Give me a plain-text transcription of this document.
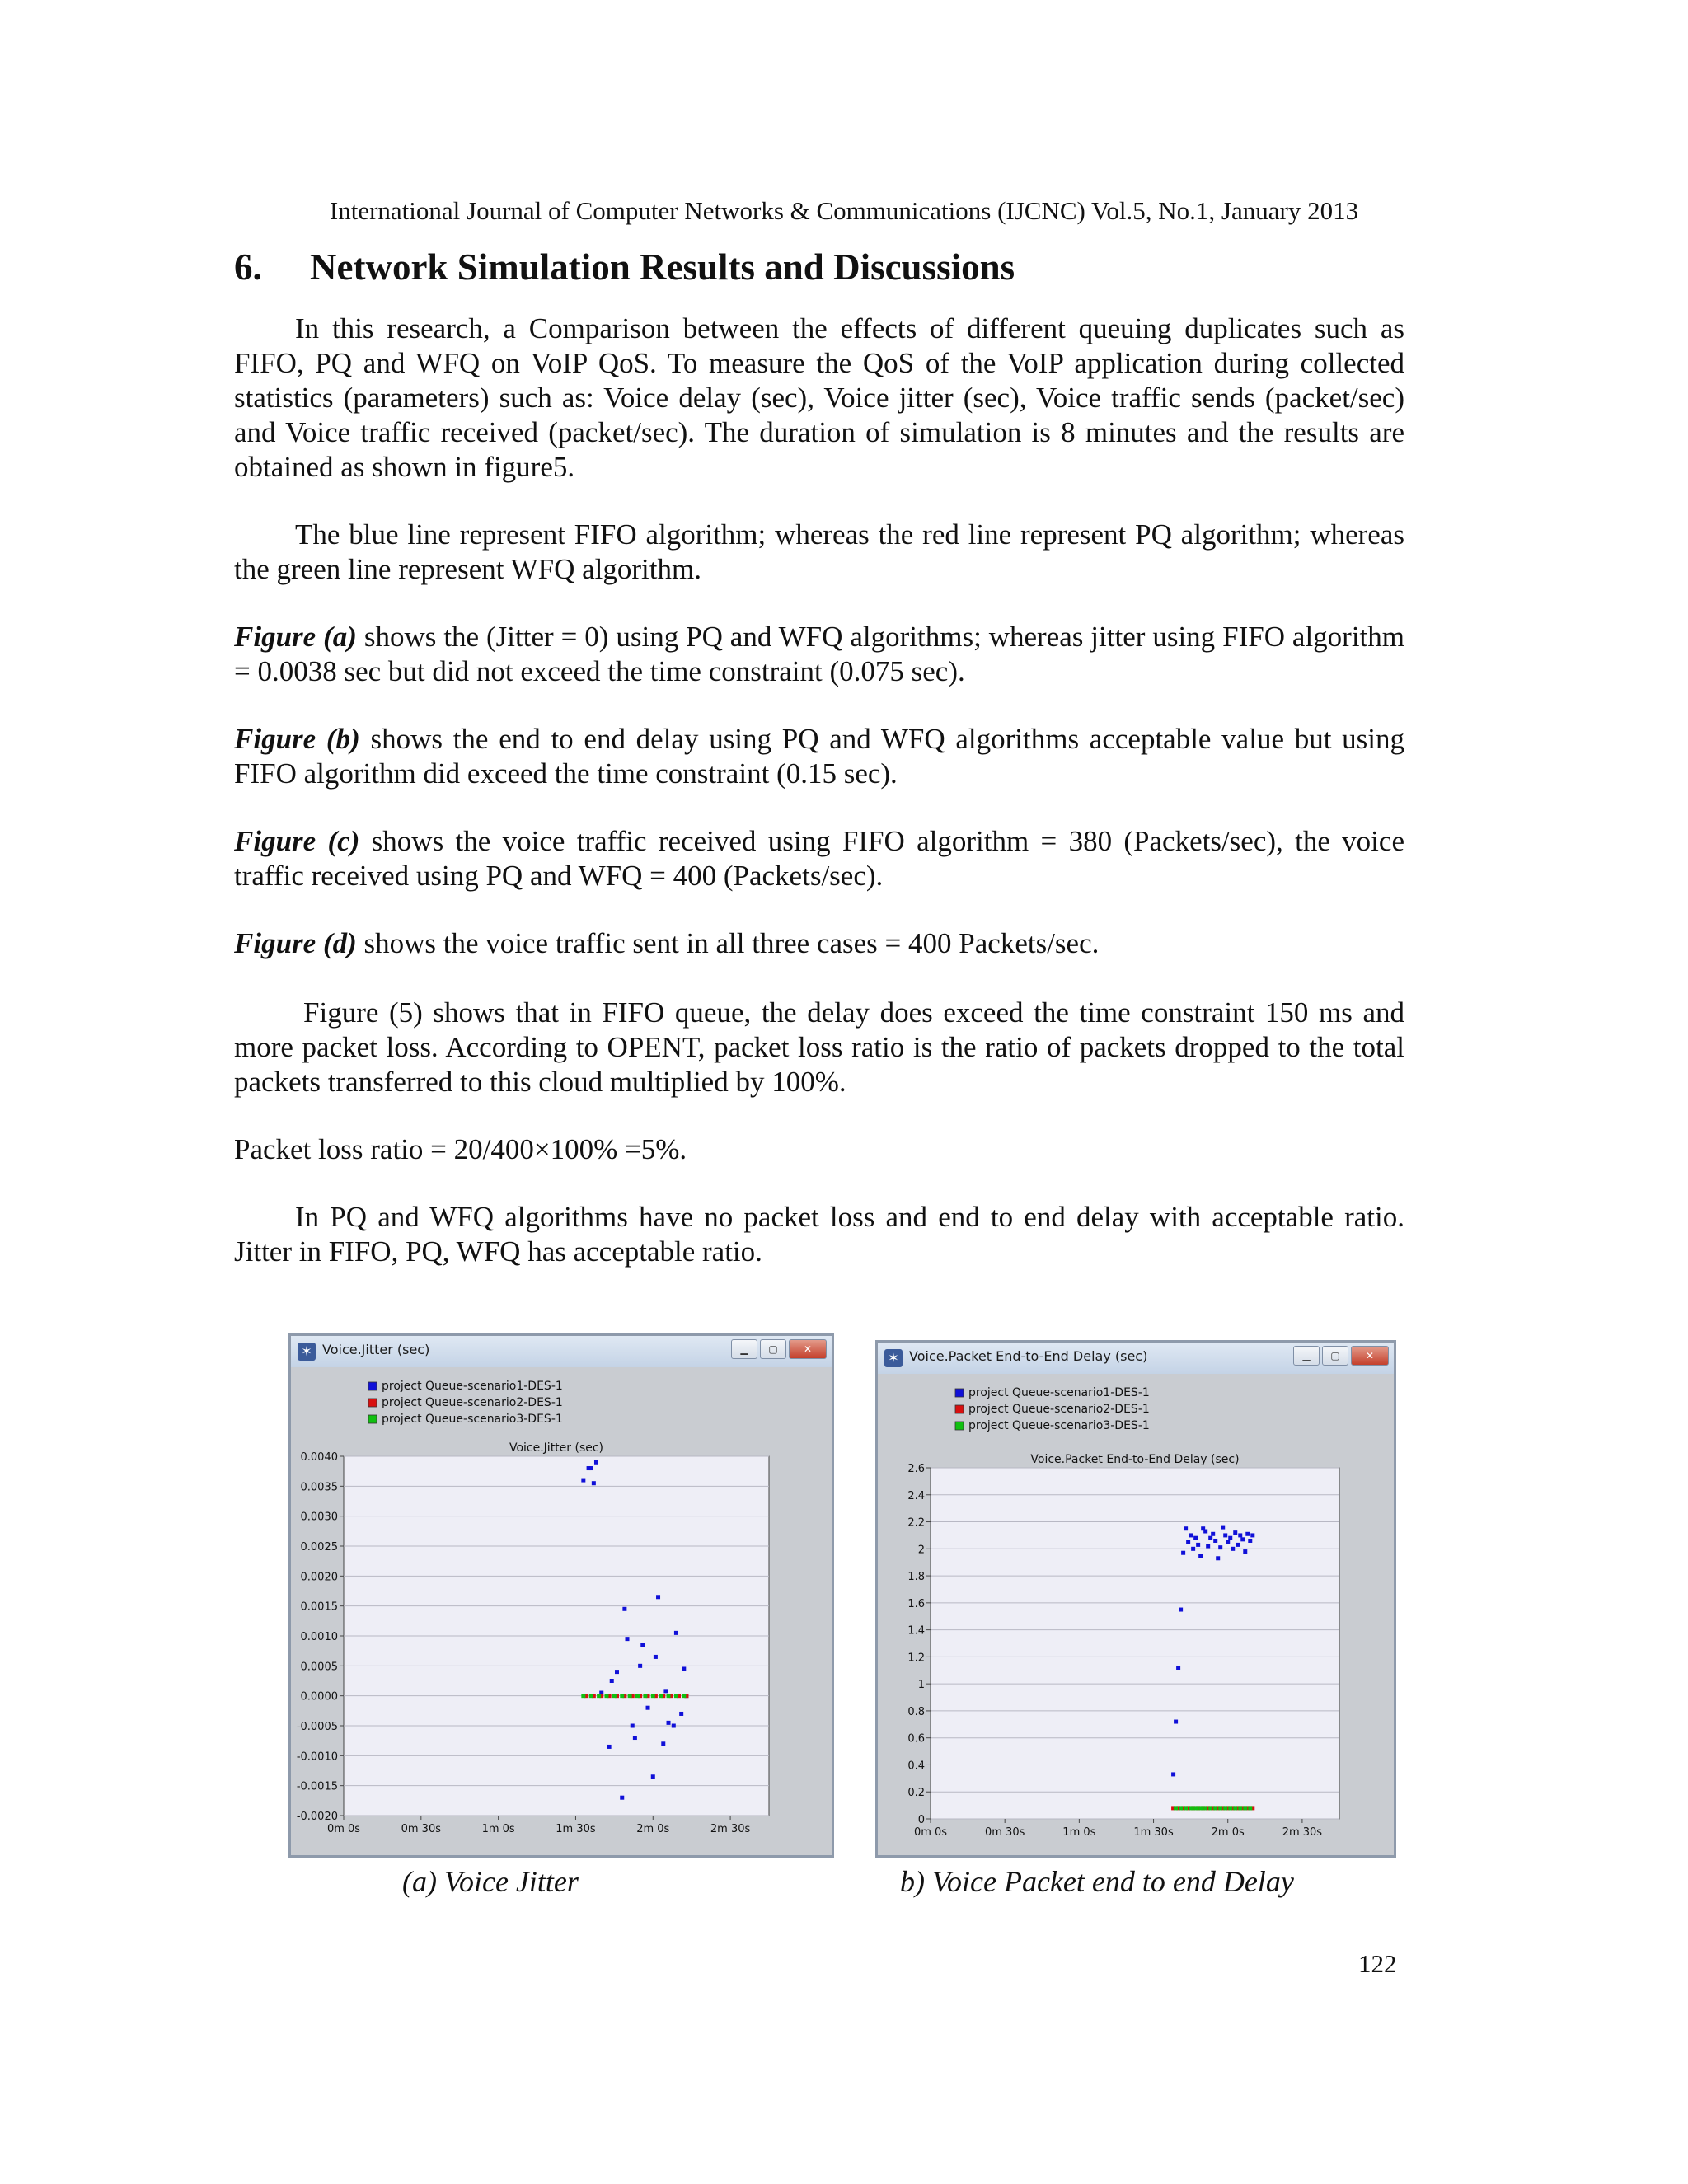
International Journal of Computer Networks & Communications (IJCNC) Vol.5, No.1, January 2013
6. Network Simulation Results and Discussions
In this research, a Comparison between the effects of different queuing duplicates such as FIFO, PQ and WFQ on VoIP QoS. To measure the QoS of the VoIP application during collected statistics (parameters) such as: Voice delay (sec), Voice jitter (sec), Voice traffic sends (packet/sec) and Voice traffic received (packet/sec). The duration of simulation is 8 minutes and the results are obtained as shown in figure5.
The blue line represent FIFO algorithm; whereas the red line represent PQ algorithm; whereas the green line represent WFQ algorithm.
Figure (a) shows the (Jitter = 0) using PQ and WFQ algorithms; whereas jitter using FIFO algorithm = 0.0038 sec but did not exceed the time constraint (0.075 sec).
Figure (b) shows the end to end delay using PQ and WFQ algorithms acceptable value but using FIFO algorithm did exceed the time constraint (0.15 sec).
Figure (c) shows the voice traffic received using FIFO algorithm = 380 (Packets/sec), the voice traffic received using PQ and WFQ = 400 (Packets/sec).
Figure (d) shows the voice traffic sent in all three cases = 400 Packets/sec.
Figure (5) shows that in FIFO queue, the delay does exceed the time constraint 150 ms and more packet loss. According to OPENT, packet loss ratio is the ratio of packets dropped to the total packets transferred to this cloud multiplied by 100%.
Packet loss ratio = 20/400×100% =5%.
In PQ and WFQ algorithms have no packet loss and end to end delay with acceptable ratio. Jitter in FIFO, PQ, WFQ has acceptable ratio.
✶ Voice.Jitter (sec)	▁	▢	✕
project Queue-scenario1-DES-1
project Queue-scenario2-DES-1
project Queue-scenario3-DES-1
Voice.Jitter (sec)
0.0040
0.0035
0.0030
0.0025
0.0020
0.0015
0.0010
0.0005
0.0000
-0.0005
-0.0010
-0.0015
-0.0020
0m 0s	0m 30s	1m 0s	1m 30s	2m 0s	2m 30s
✶ Voice.Packet End-to-End Delay (sec)	▁	▢	✕
project Queue-scenario1-DES-1
project Queue-scenario2-DES-1
project Queue-scenario3-DES-1
Voice.Packet End-to-End Delay (sec)
2.6
2.4
2.2
2
1.8
1.6
1.4
1.2
1
0.8
0.6
0.4
0.2
0
0m 0s	0m 30s	1m 0s	1m 30s	2m 0s	2m 30s
(a) Voice Jitter	b) Voice Packet end to end Delay
122
